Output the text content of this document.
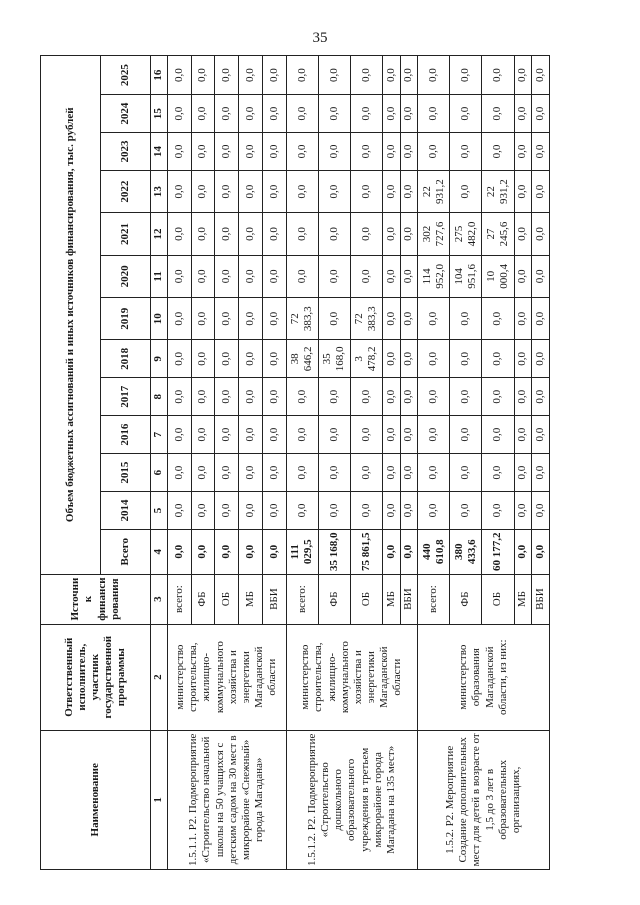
35
Наименование	Ответственный исполнитель, участник государственной программы	Источник финансирования	Объем бюджетных ассигнований и иных источников финансирования, тыс. рублей												
			Всего	2014	2015	2016	2017	2018	2019	2020	2021	2022	2023	2024	2025
1	2	3	4	5	6	7	8	9	10	11	12	13	14	15	16
1.5.1.1. Р2. Подмероприятие «Строительство начальной школы на 50 учащихся с детским садом на 30 мест в микрорайоне «Снежный» города Магадана»	министерство строительства, жилищно-коммунального хозяйства и энергетики Магаданской области	всего:	0,0	0,0	0,0	0,0	0,0	0,0	0,0	0,0	0,0	0,0	0,0	0,0	0,0
		ФБ	0,0	0,0	0,0	0,0	0,0	0,0	0,0	0,0	0,0	0,0	0,0	0,0	0,0
		ОБ	0,0	0,0	0,0	0,0	0,0	0,0	0,0	0,0	0,0	0,0	0,0	0,0	0,0
		МБ	0,0	0,0	0,0	0,0	0,0	0,0	0,0	0,0	0,0	0,0	0,0	0,0	0,0
		ВБИ	0,0	0,0	0,0	0,0	0,0	0,0	0,0	0,0	0,0	0,0	0,0	0,0	0,0
1.5.1.2. Р2. Подмероприятие «Строительство дошкольного образовательного учреждения в третьем микрорайоне города Магадана на 135 мест»	министерство строительства, жилищно-коммунального хозяйства и энергетики Магаданской области	всего:	111 029,5	0,0	0,0	0,0	0,0	38 646,2	72 383,3	0,0	0,0	0,0	0,0	0,0	0,0
		ФБ	35 168,0	0,0	0,0	0,0	0,0	35 168,0	0,0	0,0	0,0	0,0	0,0	0,0	0,0
		ОБ	75 861,5	0,0	0,0	0,0	0,0	3 478,2	72 383,3	0,0	0,0	0,0	0,0	0,0	0,0
		МБ	0,0	0,0	0,0	0,0	0,0	0,0	0,0	0,0	0,0	0,0	0,0	0,0	0,0
		ВБИ	0,0	0,0	0,0	0,0	0,0	0,0	0,0	0,0	0,0	0,0	0,0	0,0	0,0
1.5.2. Р2. Мероприятие Создание дополнительных мест для детей в возрасте от 1,5 до 3 лет в образовательных организациях,	министерство образования Магаданской области, из них:	всего:	440 610,8	0,0	0,0	0,0	0,0	0,0	0,0	114 952,0	302 727,6	22 931,2	0,0	0,0	0,0
		ФБ	380 433,6	0,0	0,0	0,0	0,0	0,0	0,0	104 951,6	275 482,0	0,0	0,0	0,0	0,0
		ОБ	60 177,2	0,0	0,0	0,0	0,0	0,0	0,0	10 000,4	27 245,6	22 931,2	0,0	0,0	0,0
		МБ	0,0	0,0	0,0	0,0	0,0	0,0	0,0	0,0	0,0	0,0	0,0	0,0	0,0
		ВБИ	0,0	0,0	0,0	0,0	0,0	0,0	0,0	0,0	0,0	0,0	0,0	0,0	0,0
